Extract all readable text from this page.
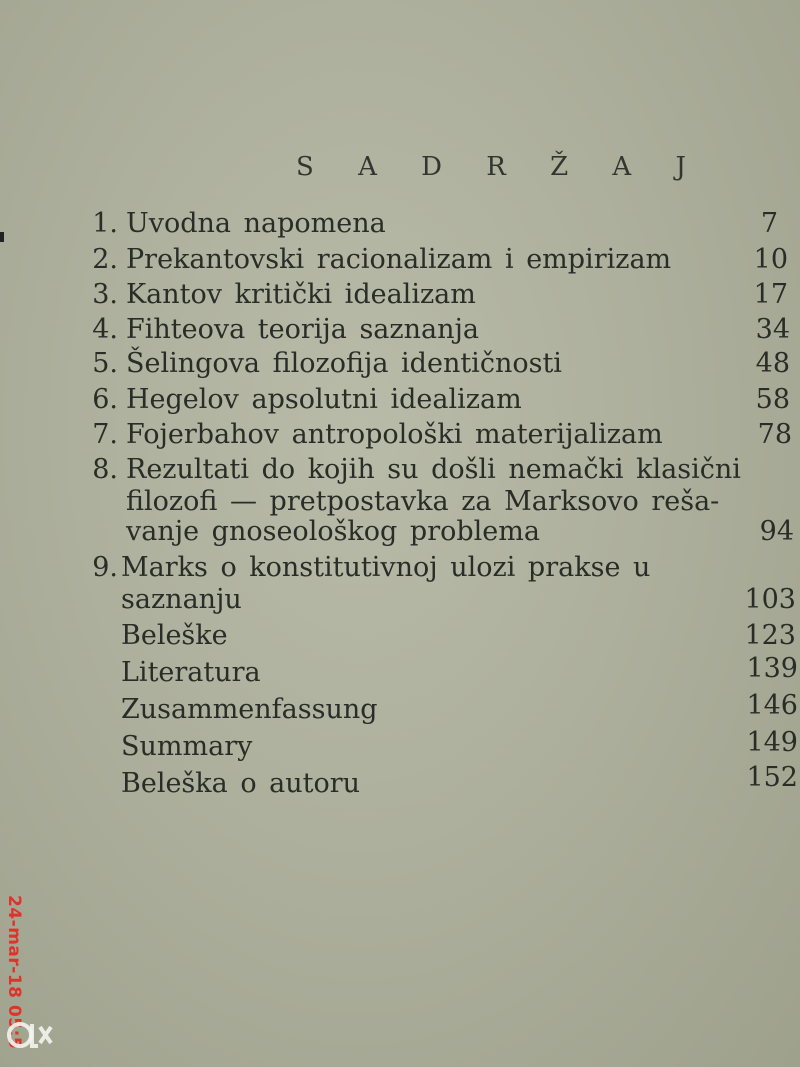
S A D R Ž A J
1. Uvodna napomena	7
2. Prekantovski racionalizam i empirizam	10
3. Kantov kritički idealizam	17
4. Fihteova teorija saznanja	34
5. Šelingova filozofija identičnosti	48
6. Hegelov apsolutni idealizam	58
7. Fojerbahov antropološki materijalizam	78
8. Rezultati do kojih su došli nemački klasični
filozofi — pretpostavka za Marksovo reša-
vanje gnoseološkog problema	94
9. Marks o konstitutivnoj ulozi prakse u
saznanju	103
Beleške	123
Literatura	139
Zusammenfassung	146
Summary	149
Beleška o autoru	152
24-mar-18 05:5
